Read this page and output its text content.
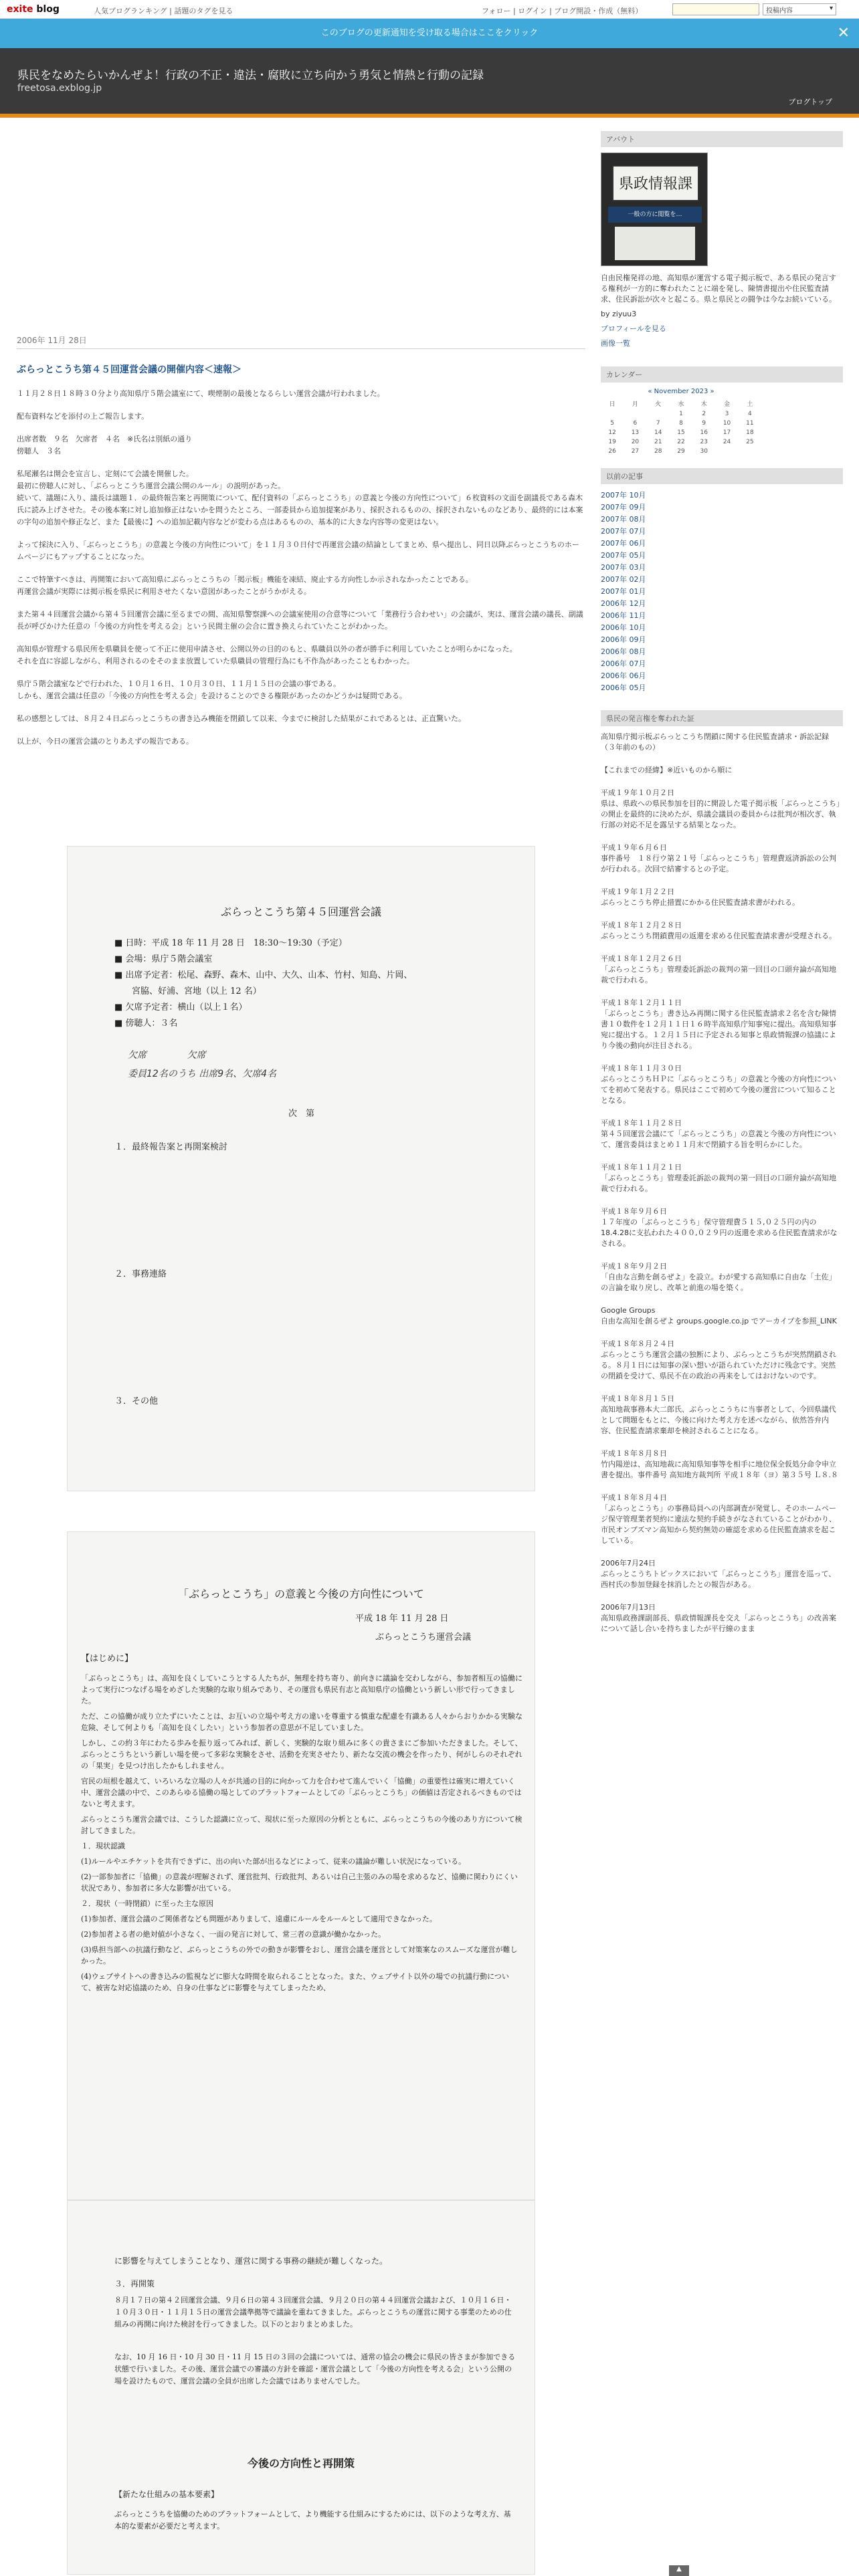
exite blog	人気ブログランキング | 話題のタグを見る	フォロー | ログイン | ブログ開設・作成（無料）	投稿内容	▾
このブログの更新通知を受け取る場合はここをクリック	✕
県民をなめたらいかんぜよ！行政の不正・違法・腐敗に立ち向かう勇気と情熱と行動の記録
freetosa.exblog.jp
ブログトップ
2006年 11月 28日
ぶらっとこうち第４５回運営会議の開催内容＜速報＞
１１月２８日１８時３０分より高知県庁５階会議室にて、喫煙制の最後となるらしい運営会議が行われました。
配布資料などを添付の上ご報告します。
出席者数　９名　欠席者　４名　※氏名は別紙の通り
傍聴人　３名
私尾瀬名は開会を宣言し、定刻にて会議を開催した。
最初に傍聴人に対し、「ぶらっとこうち運営会議公開のルール」の説明があった。
続いて、議題に入り、議長は議題１．の最終報告案と再開策について、配付資料の「ぶらっとこうち」の意義と今後の方向性について」６枚資料の文面を副議長である森木氏に読み上げさせた。その後本案に対し追加修正はないかを問うたところ、一部委員から追加提案があり、採択されるものの、採択されないものなどあり、最終的には本案の字句の追加や修正など、また【最後に】への追加記載内容などが変わる点はあるものの、基本的に大きな内容等の変更はない。
よって採決に入り、「ぶらっとこうち」の意義と今後の方向性について」を１１月３０日付で再運営会議の結論としてまとめ、県へ提出し、同日以降ぶらっとこうちのホームページにもアップすることになった。
ここで特筆すべきは、再開策において高知県にぶらっとこうちの「掲示板」機能を凍結、廃止する方向性しか示されなかったことである。
再運営会議が実際には掲示板を県民に利用させたくない意図があったことがうかがえる。
また第４４回運営会議から第４５回運営会議に至るまでの間、高知県警察課への会議室使用の合意等について「業務行う合わせい」の会議が、実は、運営会議の議長、副議長が呼びかけた任意の「今後の方向性を考える会」という民間主催の会合に置き換えられていたことがわかった。
高知県が管理する県民所を県職員を使って不正に使用申請させ、公開以外の目的のもと、県職員以外の者が勝手に利用していたことが明らかになった。
それを直に容認しながら、利用されるのをそのまま放置していた県職員の管理行為にも不作為があったこともわかった。
県庁５階会議室などで行われた、１０月１６日、１０月３０日、１１月１５日の会議の事である。
しかも、運営会議は任意の「今後の方向性を考える会」を設けることのできる権限があったのかどうかは疑問である。
私の感想としては、８月２４日ぶらっとこうちの書き込み機能を閉鎖して以来、今までに検討した結果がこれであるとは、正直驚いた。
以上が、今日の運営会議のとりあえずの報告である。
ぶらっとこうち第４５回運営会議
■ 日時：平成 18 年 11 月 28 日　18:30〜19:30（予定）
■ 会場：県庁５階会議室
■ 出席予定者：松尾、森野、森木、山中、大久、山本、竹村、知島、片岡、
　　宮脇、好浦、宮地（以上 12 名）
■ 欠席予定者：横山（以上１名）
■ 傍聴人：３名
欠席 　　　　欠席
委員12名のうち 出席9名、欠席4名
次　第
１．最終報告案と再開案検討
２．事務連絡
３．その他
「ぶらっとこうち」の意義と今後の方向性について
平成 18 年 11 月 28 日
ぶらっとこうち運営会議
【はじめに】
「ぶらっとこうち」は、高知を良くしていこうとする人たちが、無理を持ち寄り、前向きに議論を交わしながら、参加者相互の協働によって実行につなげる場をめざした実験的な取り組みであり、その運営も県民有志と高知県庁の協働という新しい形で行ってきました。
ただ、この協働が成り立たずにいたことは、お互いの立場や考え方の違いを尊重する慎重な配慮を有識ある人々からおりかかる実験な危険、そして何よりも「高知を良くしたい」という参加者の意思が不足していました。
しかし、この約３年にわたる歩みを振り返ってみれば、新しく、実験的な取り組みに多くの貴さまにご参加いただきました。そして、ぶらっとこうちという新しい場を使って多彩な実験をさせ、活動を充実させたり、新たな交流の機会を作ったり、何がしらのそれぞれの「果実」を見つけ出したかもしれません。
官民の垣根を越えて、いろいろな立場の人々が共通の目的に向かって力を合わせて進んでいく「協働」の重要性は確実に増えていく中、運営会議の中で、このあらゆる協働の場としてのプラットフォームとしての「ぶらっとこうち」の価値は否定されるべきものではないと考えます。
ぶらっとこうち運営会議では、こうした認識に立って、現状に至った原因の分析とともに、ぶらっとこうちの今後のあり方について検討してきました。
１．現状認識
(1)ルールやエチケットを共有できずに、出の向いた部が出るなどによって、従来の議論が難しい状況になっている。
(2)一部参加者に「協働」の意義が理解されず、運営批判、行政批判、あるいは自己主張のみの場を求めるなど、協働に関わりにくい状況であり、参加者に多大な影響が出ている。
２．現状（一時閉鎖）に至った主な原因
(1)参加者、運営会議のご関係者なども問題がありまして、遠慮にルールをルールとして適用できなかった。
(2)参加者よる者の絶対値が小さなく、一面の発言に対して、常三者の意識が働かなかった。
(3)県担当部への抗議行動など、ぶらっとこうちの外での動きが影響をおし、運営会議を運営として対策案なのスムーズな運営が難しかった。
(4)ウェブサイトへの書き込みの監視などに膨大な時間を取られることとなった。また、ウェブサイト以外の場での抗議行動について、被害な対応協議のため、自身の仕事などに影響を与えてしまったため、
に影響を与えてしまうことなり、運営に関する事務の継続が難しくなった。
３．再開策
８月１７日の第４２回運営会議、９月６日の第４３回運営会議、９月２０日の第４４回運営会議および、１０月１６日・１０月３０日・１１月１５日の運営会議準拠等で議論を重ねてきました。ぶらっとこうちの運営に関する事業のための仕組みの再開に向けた検討を行ってきました。以下のとおりまとめました。
なお、10 月 16 日・10 月 30 日・11 月 15 日の３回の会議については、通常の協会の機会に県民の皆さまが参加できる状態で行いました。その後、運営会議での審議の方針を確認・運営会議として「今後の方向性を考える会」という公開の場を設けたもので、運営会議の全員が出席した会議ではありませんでした。
今後の方向性と再開策
【新たな仕組みの基本要素】
ぶらっとこうちを協働のためのプラットフォームとして、より機能する仕組みにするためには、以下のような考え方、基本的な要素が必要だと考えます。
アバウト
県政情報課
一般の方に閲覧を…
自由民権発祥の地、高知県が運営する電子掲示板で、ある県民の発言する権利が一方的に奪われたことに端を発し、陳情書提出や住民監査請求、住民訴訟が次々と起こる。県と県民との闘争は今なお続いている。
by ziyuu3
プロフィールを見る
画像一覧
カレンダー
« November 2023 »
日	月	火	水	木	金	土
			1	2	3	4
5	6	7	8	9	10	11
12	13	14	15	16	17	18
19	20	21	22	23	24	25
26	27	28	29	30		
以前の記事
2007年 10月
2007年 09月
2007年 08月
2007年 07月
2007年 06月
2007年 05月
2007年 03月
2007年 02月
2007年 01月
2006年 12月
2006年 11月
2006年 10月
2006年 09月
2006年 08月
2006年 07月
2006年 06月
2006年 05月
県民の発言権を奪われた証
高知県庁掲示板ぶらっとこうち閉鎖に関する住民監査請求・訴訟記録（３年前のもの）
【これまでの経緯】※近いものから順に
平成１９年１０月２日
県は、県政への県民参加を目的に開設した電子掲示板「ぶらっとこうち」の開止を最終的に決めたが、県議会議員の委員からは批判が相次ぎ、執行部の対応不足を露呈する結果となった。
平成１９年６月６日
事件番号　１８行ウ第２１号「ぶらっとこうち」管理費返済訴訟の公判が行われる。次回で結審するとの予定。
平成１９年１月２２日
ぶらっとこうち停止措置にかかる住民監査請求書がわれる。
平成１８年１２月２８日
ぶらっとこうち閉鎖費用の返還を求める住民監査請求書が受理される。
平成１８年１２月２６日
「ぶらっとこうち」管理委託訴訟の裁判の第一回目の口頭弁論が高知地裁で行われる。
平成１８年１２月１１日
「ぶらっとこうち」書き込み再開に関する住民監査請求２名を含む陳情書１０数件を１２月１１日１６時半高知県庁知事宛に提出。高知県知事宛に提出する。１２月１５日に予定される知事と県政情報課の協議により今後の動向が注目される。
平成１８年１１月３０日
ぶらっとこうちＨＰに「ぶらっとこうち」の意義と今後の方向性についてを初めて発表する。県民はここで初めて今後の運営について知ることとなる。
平成１８年１１月２８日
第４５回運営会議にて「ぶらっとこうち」の意義と今後の方向性について、運営委員はまとめ１１月末で閉鎖する旨を明らかにした。
平成１８年１１月２１日
「ぶらっとこうち」管理委託訴訟の裁判の第一回目の口頭弁論が高知地裁で行われる。
平成１８年９月６日
１７年度の「ぶらっとこうち」保守管理費５１５,０２５円の内の18.4.28に支払われた４００,０２９円の返還を求める住民監査請求がなされる。
平成１８年９月２日
「自由な言動を創るぜよ」を設立。わが愛する高知県に自由な「土佐」の言論を取り戻し、改革と前進の場を築く。
Google Groups
自由な高知を創るぜよ groups.google.co.jp でアーカイブを参照_LINK
平成１８年８月２４日
ぶらっとこうち運営会議の独断により、ぶらっとこうちが突然閉鎖される。８月１日には知事の深い想いが語られていただけに残念です。突然の閉鎖を受けて、県民不在の政治の再来をしてはおけないのです。
平成１８年８月１５日
高知地裁事務本大二郎氏、ぶらっとこうちに当事者として、今回県議代として問題をもとに、今後に向けた考え方を述べながら、依然答弁内容、住民監査請求棄却を検討されることになる。
平成１８年８月８日
竹内陽逆は、高知地裁に高知県知事等を相手に地位保全仮処分命令申立書を提出。事件番号 高知地方裁判所 平成１８年（ヨ）第３５号 Ｌ８.８
平成１８年８月４日
「ぶらっとこうち」の事務局員への内部調査が発覚し、そのホームページ保守管理業者契約に違法な契約手続きがなされていることがわかり、市民オンブズマン高知から契約無効の確認を求める住民監査請求を起こしている。
2006年7月24日
ぶらっとこうちトピックスにおいて「ぶらっとこうち」運営を巡って、西村氏の参加登録を抹消したとの報告がある。
2006年7月13日
高知県政務課副部長、県政情報課長を交え「ぶらっとこうち」の改善案について話し合いを持ちましたが平行線のまま
▲
